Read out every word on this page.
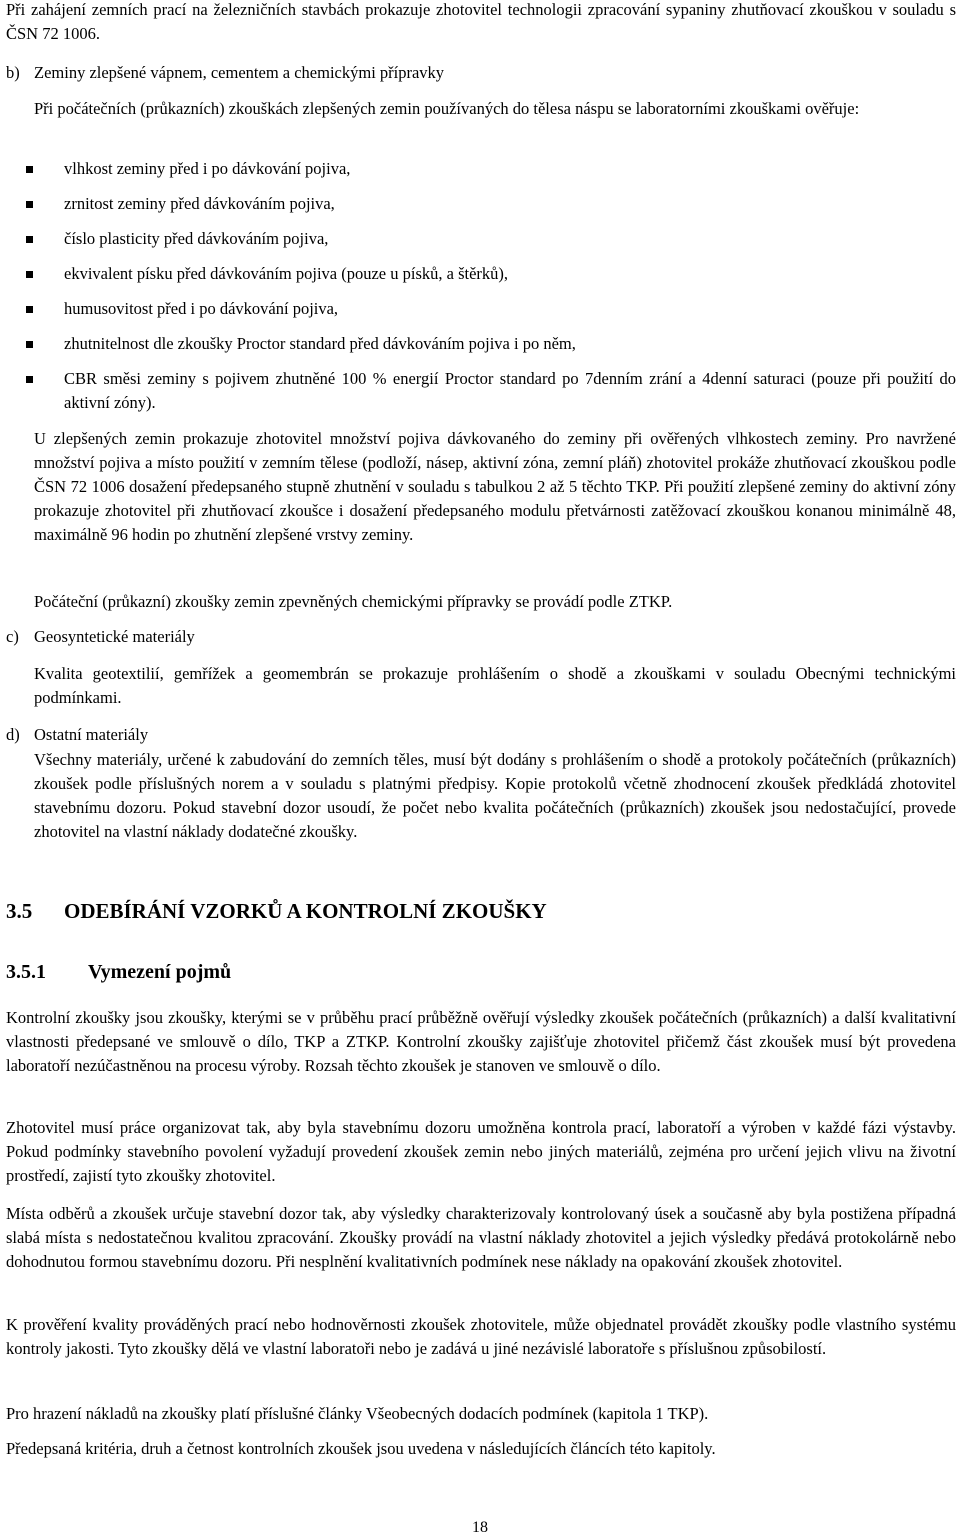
Při zahájení zemních prací na železničních stavbách prokazuje zhotovitel technologii zpracování sypaniny zhutňovací zkouškou v souladu s ČSN 72 1006.

b) Zeminy zlepšené vápnem, cementem a chemickými přípravky

Při počátečních (průkazních) zkouškách zlepšených zemin používaných do tělesa náspu se laboratorními zkouškami ověřuje:

vlhkost zeminy před i po dávkování pojiva,
zrnitost zeminy před dávkováním pojiva,
číslo plasticity před dávkováním pojiva,
ekvivalent písku před dávkováním pojiva (pouze u písků, a štěrků),
humusovitost před i po dávkování pojiva,
zhutnitelnost dle zkoušky Proctor standard před dávkováním pojiva i po něm,
CBR směsi zeminy s pojivem zhutněné 100 % energií Proctor standard po 7denním zrání a 4denní saturaci (pouze při použití do aktivní zóny).

U zlepšených zemin prokazuje zhotovitel množství pojiva dávkovaného do zeminy při ověřených vlhkostech zeminy. Pro navržené množství pojiva a místo použití v zemním tělese (podloží, násep, aktivní zóna, zemní pláň) zhotovitel prokáže zhutňovací zkouškou podle ČSN 72 1006 dosažení předepsaného stupně zhutnění v souladu s tabulkou 2 až 5 těchto TKP. Při použití zlepšené zeminy do aktivní zóny prokazuje zhotovitel při zhutňovací zkoušce i dosažení předepsaného modulu přetvárnosti zatěžovací zkouškou konanou minimálně 48, maximálně 96 hodin po zhutnění zlepšené vrstvy zeminy.

Počáteční (průkazní) zkoušky zemin zpevněných chemickými přípravky se provádí podle ZTKP.

c) Geosyntetické materiály

Kvalita geotextilií, gemřížek a geomembrán se prokazuje prohlášením o shodě a zkouškami v souladu Obecnými technickými podmínkami.

d) Ostatní materiály

Všechny materiály, určené k zabudování do zemních těles, musí být dodány s prohlášením o shodě a protokoly počátečních (průkazních) zkoušek podle příslušných norem a v souladu s platnými předpisy. Kopie protokolů včetně zhodnocení zkoušek předkládá zhotovitel stavebnímu dozoru. Pokud stavební dozor usoudí, že počet nebo kvalita počátečních (průkazních) zkoušek jsou nedostačující, provede zhotovitel na vlastní náklady dodatečné zkoušky.

3.5 ODEBÍRÁNÍ VZORKŮ A KONTROLNÍ ZKOUŠKY
3.5.1 Vymezení pojmů

Kontrolní zkoušky jsou zkoušky, kterými se v průběhu prací průběžně ověřují výsledky zkoušek počátečních (průkazních) a další kvalitativní vlastnosti předepsané ve smlouvě o dílo, TKP a ZTKP. Kontrolní zkoušky zajišťuje zhotovitel přičemž část zkoušek musí být provedena laboratoří nezúčastněnou na procesu výroby. Rozsah těchto zkoušek je stanoven ve smlouvě o dílo.

Zhotovitel musí práce organizovat tak, aby byla stavebnímu dozoru umožněna kontrola prací, laboratoří a výroben v každé fázi výstavby. Pokud podmínky stavebního povolení vyžadují provedení zkoušek zemin nebo jiných materiálů, zejména pro určení jejich vlivu na životní prostředí, zajistí tyto zkoušky zhotovitel.

Místa odběrů a zkoušek určuje stavební dozor tak, aby výsledky charakterizovaly kontrolovaný úsek a současně aby byla postižena případná slabá místa s nedostatečnou kvalitou zpracování. Zkoušky provádí na vlastní náklady zhotovitel a jejich výsledky předává protokolárně nebo dohodnutou formou stavebnímu dozoru. Při nesplnění kvalitativních podmínek nese náklady na opakování zkoušek zhotovitel.

K prověření kvality prováděných prací nebo hodnověrnosti zkoušek zhotovitele, může objednatel provádět zkoušky podle vlastního systému kontroly jakosti. Tyto zkoušky dělá ve vlastní laboratoři nebo je zadává u jiné nezávislé laboratoře s příslušnou způsobilostí.

Pro hrazení nákladů na zkoušky platí příslušné články Všeobecných dodacích podmínek (kapitola 1 TKP).

Předepsaná kritéria, druh a četnost kontrolních zkoušek jsou uvedena v následujících článcích této kapitoly.

18
